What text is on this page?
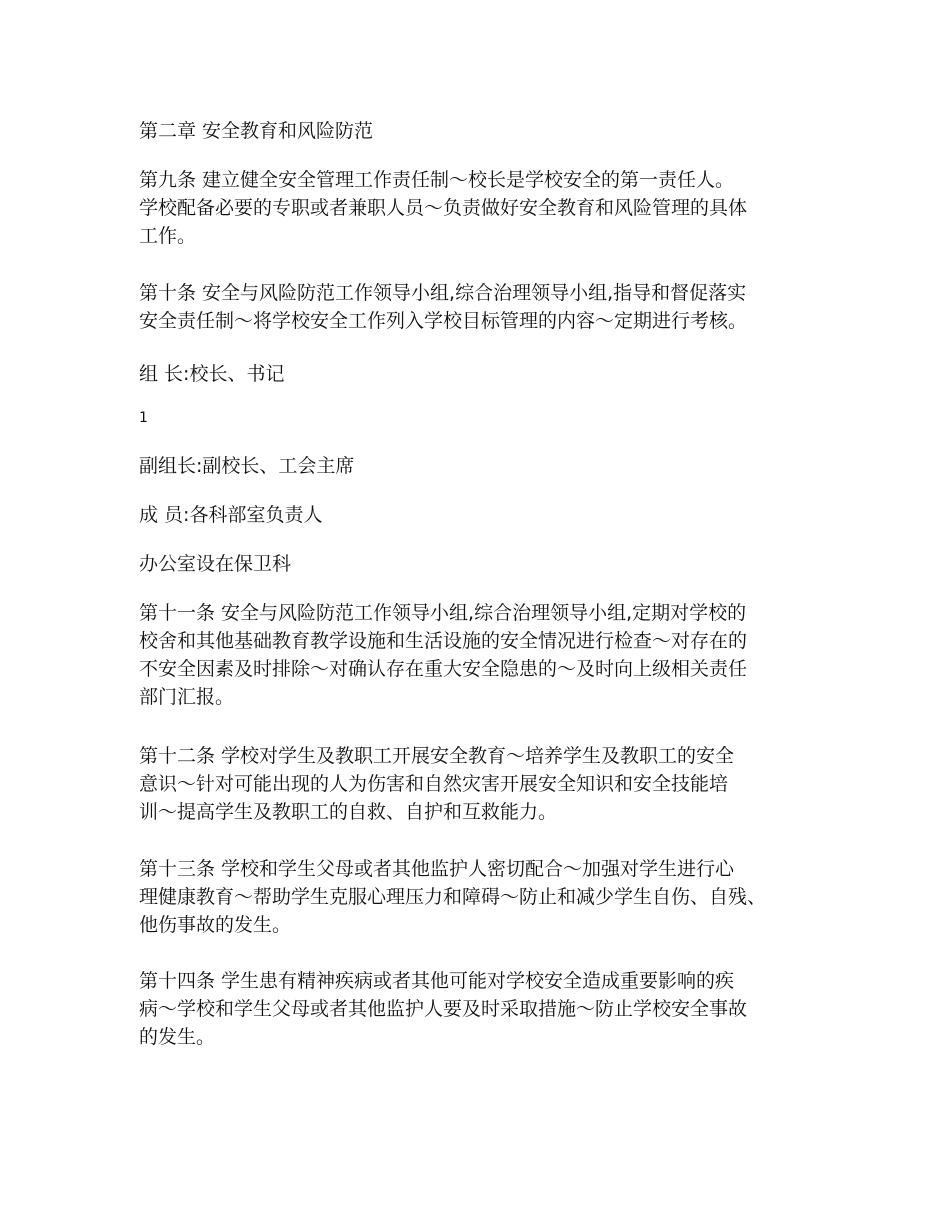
第二章 安全教育和风险防范
第九条 建立健全安全管理工作责任制～校长是学校安全的第一责任人。
学校配备必要的专职或者兼职人员～负责做好安全教育和风险管理的具体
工作。
第十条 安全与风险防范工作领导小组,综合治理领导小组,指导和督促落实
安全责任制～将学校安全工作列入学校目标管理的内容～定期进行考核。
组 长:校长、书记
1
副组长:副校长、工会主席
成 员:各科部室负责人
办公室设在保卫科
第十一条 安全与风险防范工作领导小组,综合治理领导小组,定期对学校的
校舍和其他基础教育教学设施和生活设施的安全情况进行检查～对存在的
不安全因素及时排除～对确认存在重大安全隐患的～及时向上级相关责任
部门汇报。
第十二条 学校对学生及教职工开展安全教育～培养学生及教职工的安全
意识～针对可能出现的人为伤害和自然灾害开展安全知识和安全技能培
训～提高学生及教职工的自救、自护和互救能力。
第十三条 学校和学生父母或者其他监护人密切配合～加强对学生进行心
理健康教育～帮助学生克服心理压力和障碍～防止和减少学生自伤、自残、
他伤事故的发生。
第十四条 学生患有精神疾病或者其他可能对学校安全造成重要影响的疾
病～学校和学生父母或者其他监护人要及时采取措施～防止学校安全事故
的发生。
